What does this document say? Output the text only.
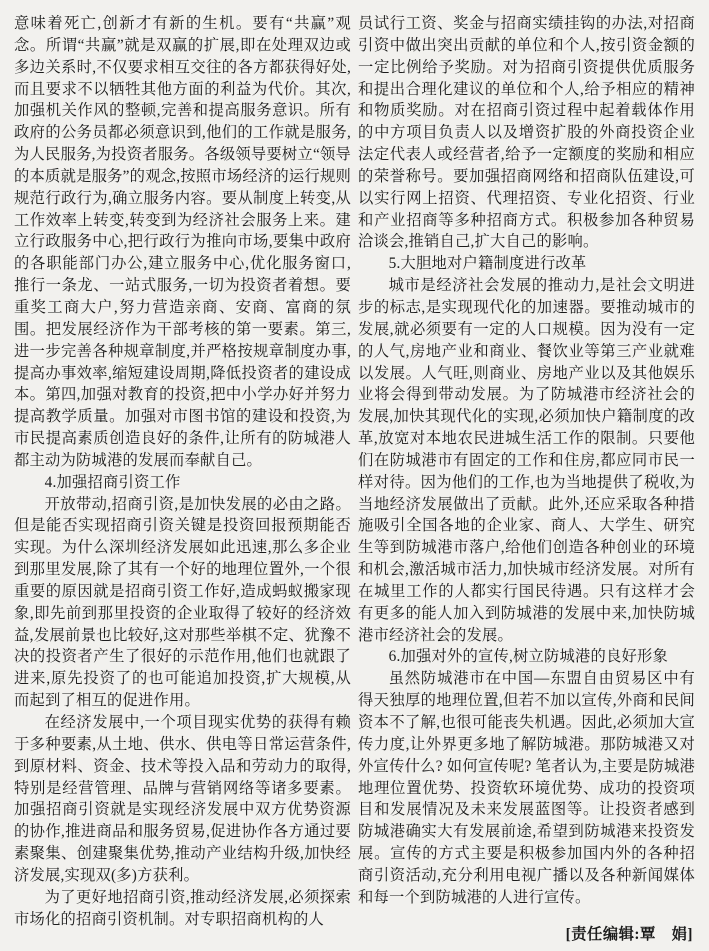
意味着死亡,创新才有新的生机。要有“共赢”观念。所谓“共赢”就是双赢的扩展,即在处理双边或多边关系时,不仅要求相互交往的各方都获得好处,而且要求不以牺牲其他方面的利益为代价。其次,加强机关作风的整顿,完善和提高服务意识。所有政府的公务员都必须意识到,他们的工作就是服务,为人民服务,为投资者服务。各级领导要树立“领导的本质就是服务”的观念,按照市场经济的运行规则规范行政行为,确立服务内容。要从制度上转变,从工作效率上转变,转变到为经济社会服务上来。建立行政服务中心,把行政行为推向市场,要集中政府的各职能部门办公,建立服务中心,优化服务窗口,推行一条龙、一站式服务,一切为投资者着想。要重奖工商大户,努力营造亲商、安商、富商的氛围。把发展经济作为干部考核的第一要素。第三,进一步完善各种规章制度,并严格按规章制度办事,提高办事效率,缩短建设周期,降低投资者的建设成本。第四,加强对教育的投资,把中小学办好并努力提高教学质量。加强对市图书馆的建设和投资,为市民提高素质创造良好的条件,让所有的防城港人都主动为防城港的发展而奉献自己。

4.加强招商引资工作

开放带动,招商引资,是加快发展的必由之路。但是能否实现招商引资关键是投资回报预期能否实现。为什么深圳经济发展如此迅速,那么多企业到那里发展,除了其有一个好的地理位置外,一个很重要的原因就是招商引资工作好,造成蚂蚁搬家现象,即先前到那里投资的企业取得了较好的经济效益,发展前景也比较好,这对那些举棋不定、犹豫不决的投资者产生了很好的示范作用,他们也就跟了进来,原先投资了的也可能追加投资,扩大规模,从而起到了相互的促进作用。

在经济发展中,一个项目现实优势的获得有赖于多种要素,从土地、供水、供电等日常运营条件,到原材料、资金、技术等投入品和劳动力的取得,特别是经营管理、品牌与营销网络等诸多要素。加强招商引资就是实现经济发展中双方优势资源的协作,推进商品和服务贸易,促进协作各方通过要素聚集、创建聚集优势,推动产业结构升级,加快经济发展,实现双(多)方获利。

为了更好地招商引资,推动经济发展,必须探索市场化的招商引资机制。对专职招商机构的人

员试行工资、奖金与招商实绩挂钩的办法,对招商引资中做出突出贡献的单位和个人,按引资金额的一定比例给予奖励。对为招商引资提供优质服务和提出合理化建议的单位和个人,给予相应的精神和物质奖励。对在招商引资过程中起着载体作用的中方项目负责人以及增资扩股的外商投资企业法定代表人或经营者,给予一定额度的奖励和相应的荣誉称号。要加强招商网络和招商队伍建设,可以实行网上招资、代理招资、专业化招资、行业和产业招商等多种招商方式。积极参加各种贸易洽谈会,推销自己,扩大自己的影响。

5.大胆地对户籍制度进行改革

城市是经济社会发展的推动力,是社会文明进步的标志,是实现现代化的加速器。要推动城市的发展,就必须要有一定的人口规模。因为没有一定的人气,房地产业和商业、餐饮业等第三产业就难以发展。人气旺,则商业、房地产业以及其他娱乐业将会得到带动发展。为了防城港市经济社会的发展,加快其现代化的实现,必须加快户籍制度的改革,放宽对本地农民进城生活工作的限制。只要他们在防城港市有固定的工作和住房,都应同市民一样对待。因为他们的工作,也为当地提供了税收,为当地经济发展做出了贡献。此外,还应采取各种措施吸引全国各地的企业家、商人、大学生、研究生等到防城港市落户,给他们创造各种创业的环境和机会,激活城市活力,加快城市经济发展。对所有在城里工作的人都实行国民待遇。只有这样才会有更多的能人加入到防城港的发展中来,加快防城港市经济社会的发展。

6.加强对外的宣传,树立防城港的良好形象

虽然防城港市在中国—东盟自由贸易区中有得天独厚的地理位置,但若不加以宣传,外商和民间资本不了解,也很可能丧失机遇。因此,必须加大宣传力度,让外界更多地了解防城港。那防城港又对外宣传什么? 如何宣传呢? 笔者认为,主要是防城港地理位置优势、投资软环境优势、成功的投资项目和发展情况及未来发展蓝图等。让投资者感到防城港确实大有发展前途,希望到防城港来投资发展。宣传的方式主要是积极参加国内外的各种招商引资活动,充分利用电视广播以及各种新闻媒体和每一个到防城港的人进行宣传。

[责任编辑:覃　娟]
